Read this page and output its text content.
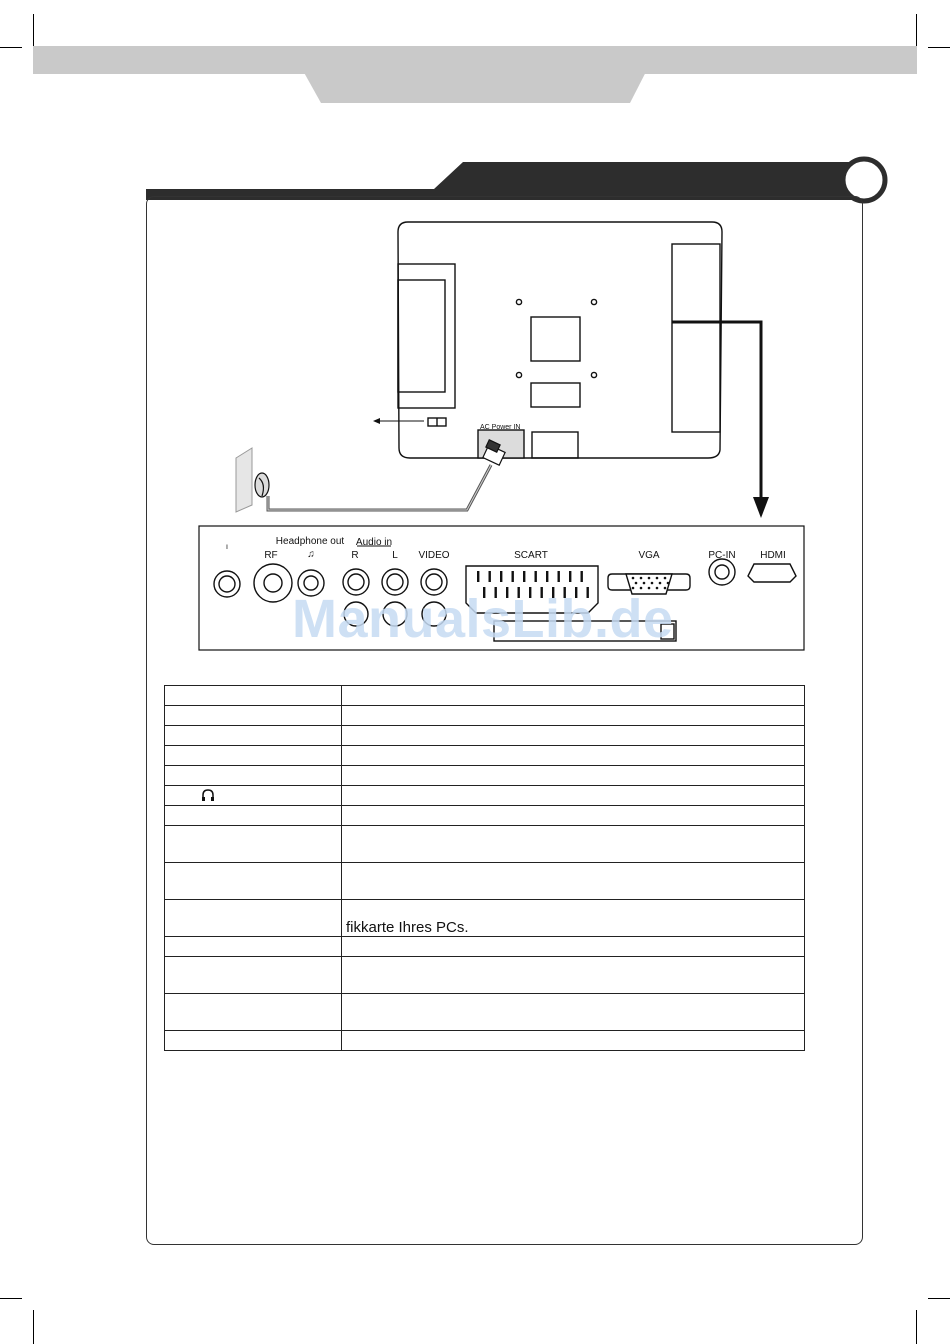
AC Power IN
ı	Headphone out Audio in
RF	♫	R	L VIDEO	SCART	VGA	PC-IN HDMI
ManualsLib.de

	fikkarte Ihres PCs.
